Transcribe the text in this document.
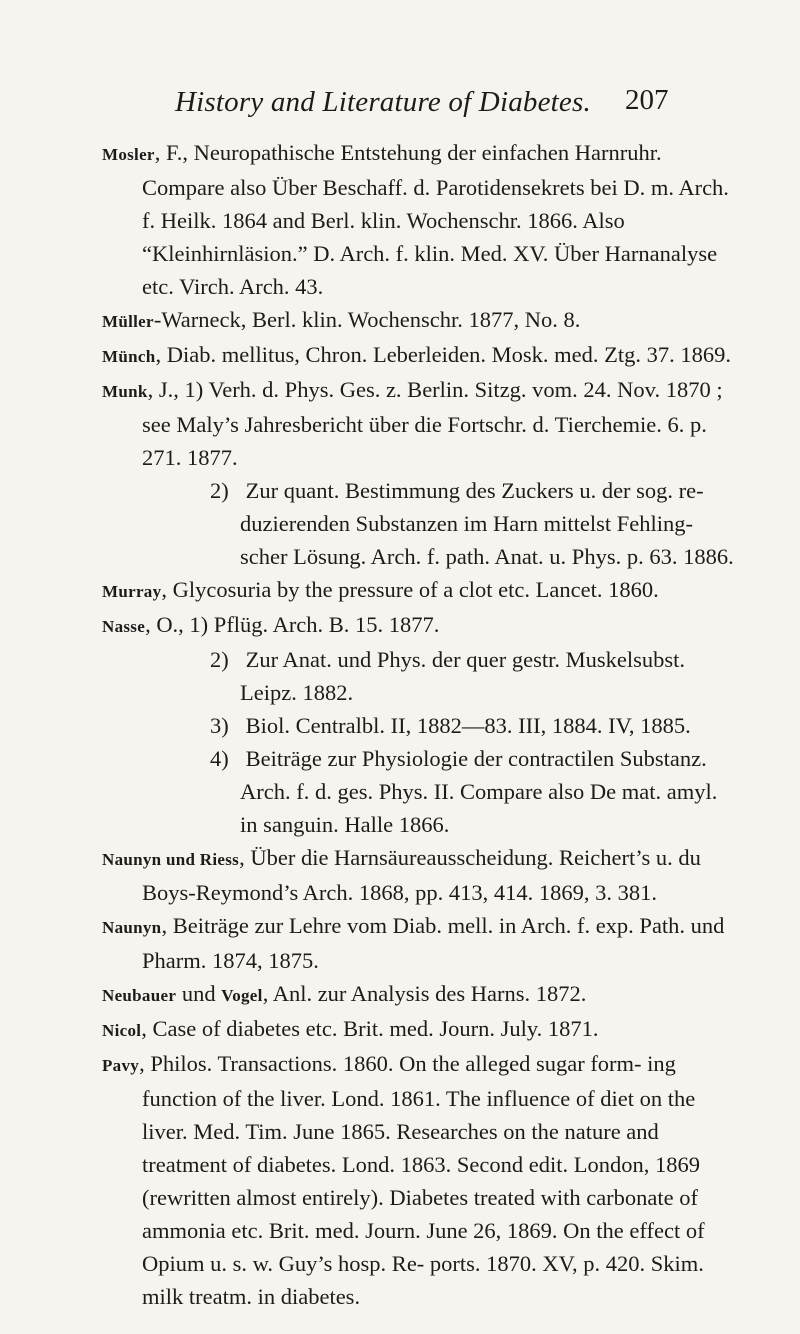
History and Literature of Diabetes. 207
Mosler, F., Neuropathische Entstehung der einfachen Harnruhr. Compare also Über Beschaff. d. Parotidensekrets bei D. m. Arch. f. Heilk. 1864 and Berl. klin. Wochenschr. 1866. Also “Kleinhirnläsion.” D. Arch. f. klin. Med. XV. Über Harnanalyse etc. Virch. Arch. 43.
Müller-Warneck, Berl. klin. Wochenschr. 1877, No. 8.
Münch, Diab. mellitus, Chron. Leberleiden. Mosk. med. Ztg. 37. 1869.
Munk, J., 1) Verh. d. Phys. Ges. z. Berlin. Sitzg. vom. 24. Nov. 1870 ; see Maly’s Jahresbericht über die Fortschr. d. Tierchemie. 6. p. 271. 1877.
2) Zur quant. Bestimmung des Zuckers u. der sog. re- duzierenden Substanzen im Harn mittelst Fehling- scher Lösung. Arch. f. path. Anat. u. Phys. p. 63. 1886.
Murray, Glycosuria by the pressure of a clot etc. Lancet. 1860.
Nasse, O., 1) Pflüg. Arch. B. 15. 1877.
2) Zur Anat. und Phys. der quer gestr. Muskelsubst. Leipz. 1882.
3) Biol. Centralbl. II, 1882—83. III, 1884. IV, 1885.
4) Beiträge zur Physiologie der contractilen Substanz. Arch. f. d. ges. Phys. II. Compare also De mat. amyl. in sanguin. Halle 1866.
Naunyn und Riess, Über die Harnsäureausscheidung. Reichert’s u. du Boys-Reymond’s Arch. 1868, pp. 413, 414. 1869, 3. 381.
Naunyn, Beiträge zur Lehre vom Diab. mell. in Arch. f. exp. Path. und Pharm. 1874, 1875.
Neubauer und Vogel, Anl. zur Analysis des Harns. 1872.
Nicol, Case of diabetes etc. Brit. med. Journ. July. 1871.
Pavy, Philos. Transactions. 1860. On the alleged sugar form- ing function of the liver. Lond. 1861. The influence of diet on the liver. Med. Tim. June 1865. Researches on the nature and treatment of diabetes. Lond. 1863. Second edit. London, 1869 (rewritten almost entirely). Diabetes treated with carbonate of ammonia etc. Brit. med. Journ. June 26, 1869. On the effect of Opium u. s. w. Guy’s hosp. Re- ports. 1870. XV, p. 420. Skim. milk treatm. in diabetes.
